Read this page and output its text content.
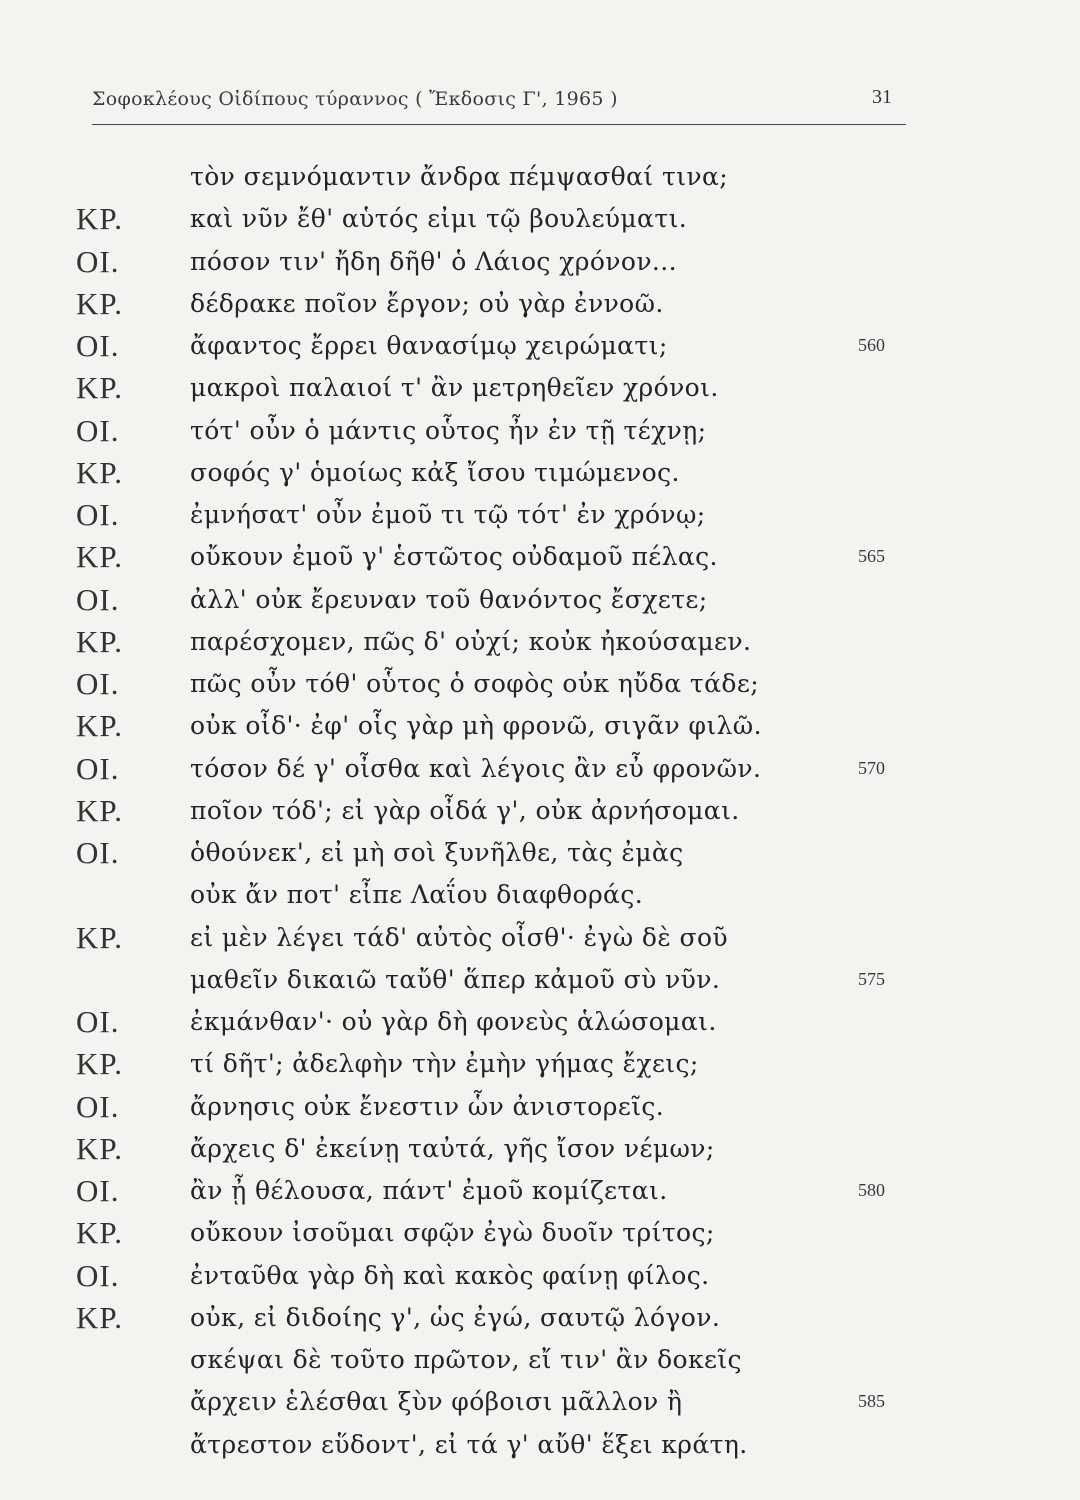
Σοφοκλέους Οἰδίπους τύραννος ( Ἔκδοσις Γ', 1965 )	31
τὸν σεμνόμαντιν ἄνδρα πέμψασθαί τινα;
ΚΡ.	καὶ νῦν ἔθ' αὑτός εἰμι τῷ βουλεύματι.
ΟΙ.	πόσον τιν' ἤδη δῆθ' ὁ Λάιος χρόνον...
ΚΡ.	δέδρακε ποῖον ἔργον; οὐ γὰρ ἐννοῶ.
ΟΙ.	ἄφαντος ἔρρει θανασίμῳ χειρώματι;	560
ΚΡ.	μακροὶ παλαιοί τ' ἂν μετρηθεῖεν χρόνοι.
ΟΙ.	τότ' οὖν ὁ μάντις οὗτος ἦν ἐν τῇ τέχνῃ;
ΚΡ.	σοφός γ' ὁμοίως κἀξ ἴσου τιμώμενος.
ΟΙ.	ἐμνήσατ' οὖν ἐμοῦ τι τῷ τότ' ἐν χρόνῳ;
ΚΡ.	οὔκουν ἐμοῦ γ' ἑστῶτος οὐδαμοῦ πέλας.	565
ΟΙ.	ἀλλ' οὐκ ἔρευναν τοῦ θανόντος ἔσχετε;
ΚΡ.	παρέσχομεν, πῶς δ' οὐχί; κοὐκ ἠκούσαμεν.
ΟΙ.	πῶς οὖν τόθ' οὗτος ὁ σοφὸς οὐκ ηὔδα τάδε;
ΚΡ.	οὐκ οἶδ'· ἐφ' οἷς γὰρ μὴ φρονῶ, σιγᾶν φιλῶ.
ΟΙ.	τόσον δέ γ' οἶσθα καὶ λέγοις ἂν εὖ φρονῶν.	570
ΚΡ.	ποῖον τόδ'; εἰ γὰρ οἶδά γ', οὐκ ἀρνήσομαι.
ΟΙ.	ὁθούνεκ', εἰ μὴ σοὶ ξυνῆλθε, τὰς ἐμὰς
οὐκ ἄν ποτ' εἶπε Λαΐου διαφθοράς.
ΚΡ.	εἰ μὲν λέγει τάδ' αὐτὸς οἶσθ'· ἐγὼ δὲ σοῦ
μαθεῖν δικαιῶ ταὔθ' ἅπερ κἀμοῦ σὺ νῦν.	575
ΟΙ.	ἐκμάνθαν'· οὐ γὰρ δὴ φονεὺς ἁλώσομαι.
ΚΡ.	τί δῆτ'; ἀδελφὴν τὴν ἐμὴν γήμας ἔχεις;
ΟΙ.	ἄρνησις οὐκ ἔνεστιν ὧν ἀνιστορεῖς.
ΚΡ.	ἄρχεις δ' ἐκείνῃ ταὐτά, γῆς ἴσον νέμων;
ΟΙ.	ἂν ᾖ θέλουσα, πάντ' ἐμοῦ κομίζεται.	580
ΚΡ.	οὔκουν ἰσοῦμαι σφῷν ἐγὼ δυοῖν τρίτος;
ΟΙ.	ἐνταῦθα γὰρ δὴ καὶ κακὸς φαίνῃ φίλος.
ΚΡ.	οὐκ, εἰ διδοίης γ', ὡς ἐγώ, σαυτῷ λόγον.
σκέψαι δὲ τοῦτο πρῶτον, εἴ τιν' ἂν δοκεῖς
ἄρχειν ἑλέσθαι ξὺν φόβοισι μᾶλλον ἢ	585
ἄτρεστον εὕδοντ', εἰ τά γ' αὔθ' ἕξει κράτη.
